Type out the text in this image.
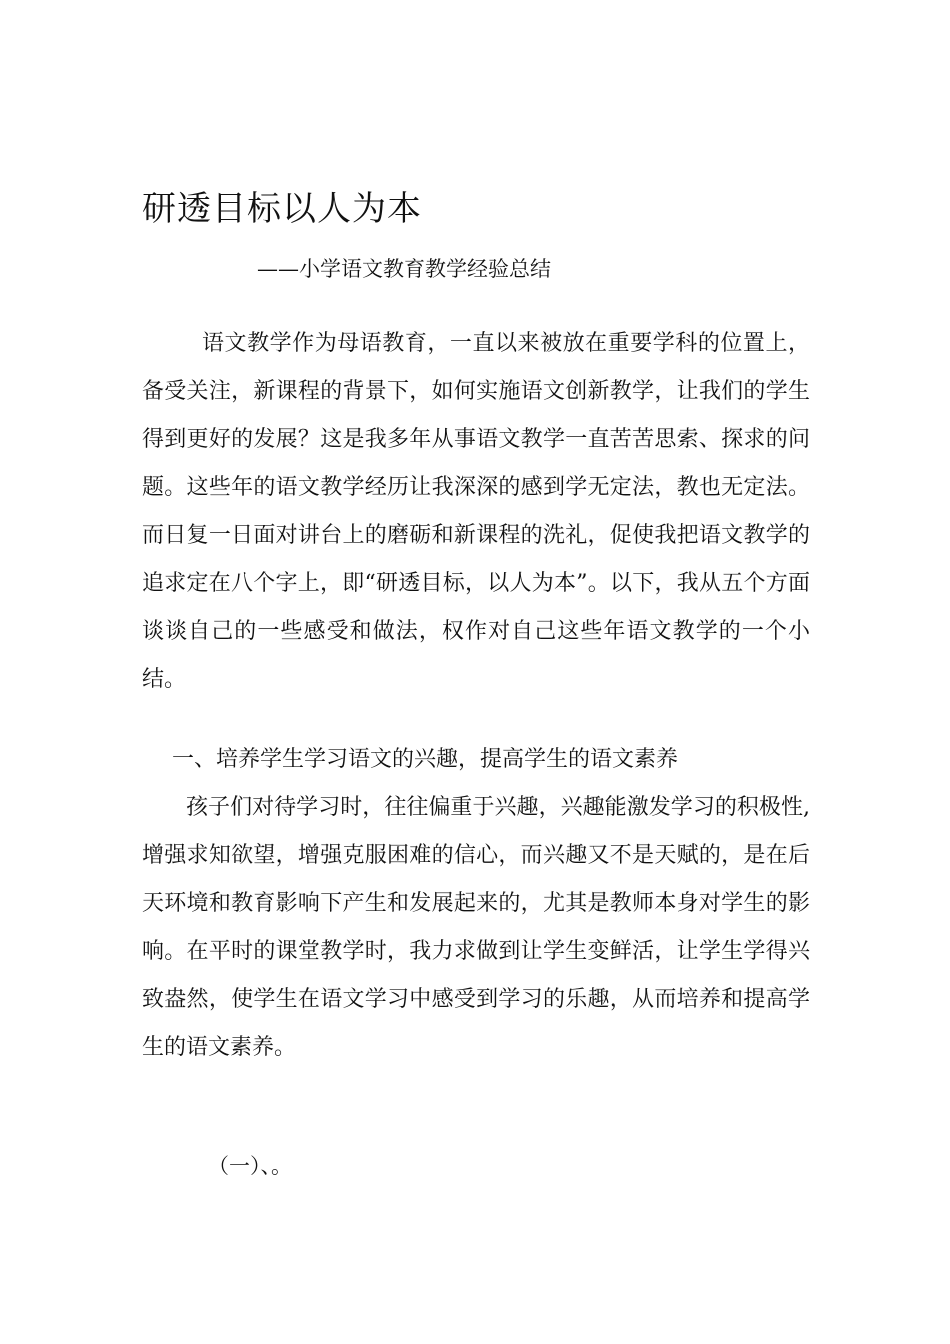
研透目标以人为本
——小学语文教育教学经验总结

语文教学作为母语教育，一直以来被放在重要学科的位置上，备受关注，新课程的背景下，如何实施语文创新教学，让我们的学生得到更好的发展？这是我多年从事语文教学一直苦苦思索、探求的问题。这些年的语文教学经历让我深深的感到学无定法，教也无定法。而日复一日面对讲台上的磨砺和新课程的洗礼，促使我把语文教学的追求定在八个字上，即“研透目标，以人为本”。以下，我从五个方面谈谈自己的一些感受和做法，权作对自己这些年语文教学的一个小结。

一、培养学生学习语文的兴趣，提高学生的语文素养

孩子们对待学习时，往往偏重于兴趣，兴趣能激发学习的积极性,增强求知欲望，增强克服困难的信心，而兴趣又不是天赋的，是在后天环境和教育影响下产生和发展起来的，尤其是教师本身对学生的影响。在平时的课堂教学时，我力求做到让学生变鲜活，让学生学得兴致盎然，使学生在语文学习中感受到学习的乐趣，从而培养和提高学生的语文素养。

（一）、。
